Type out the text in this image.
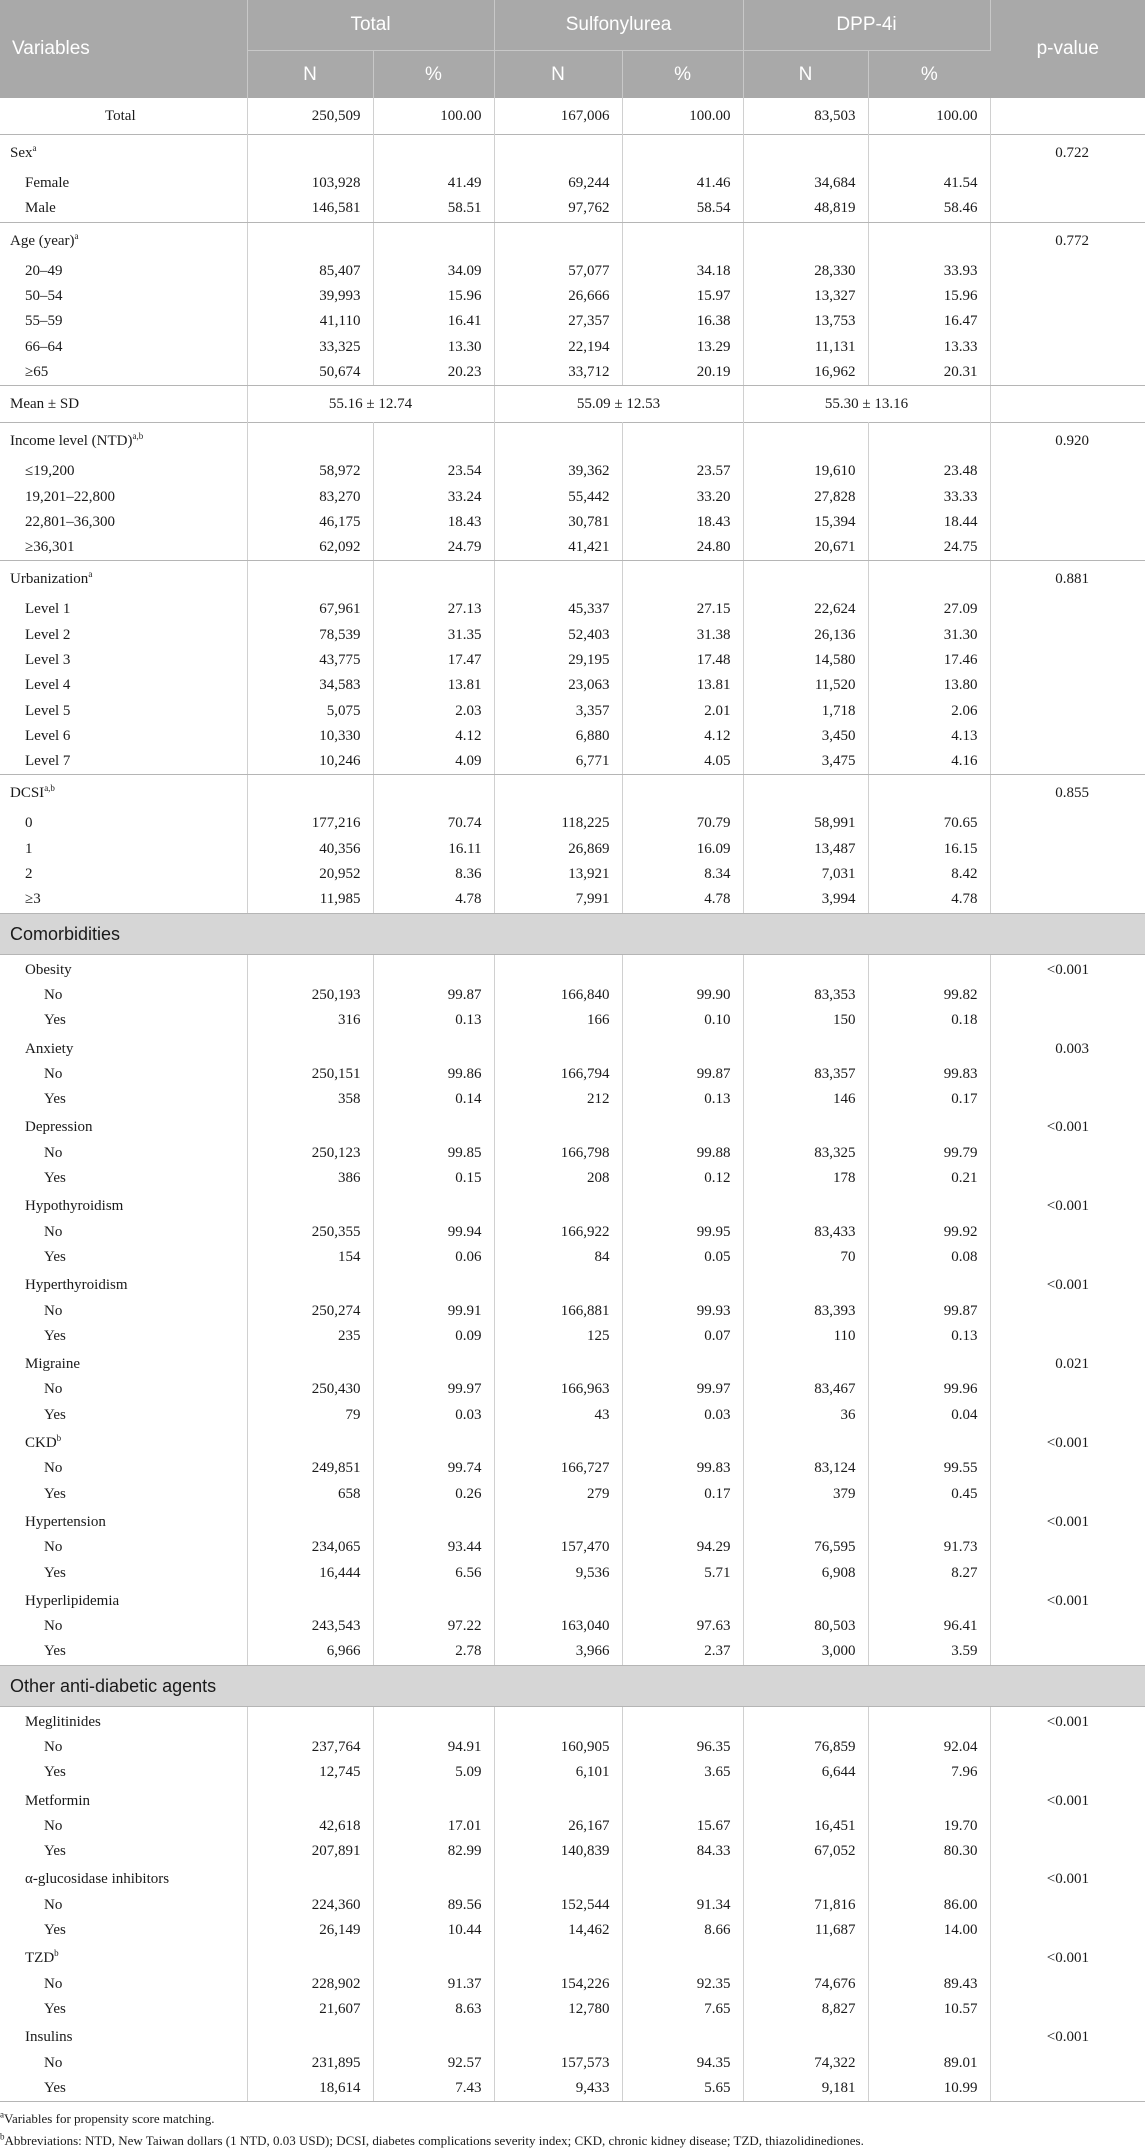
Variables	Total		Sulfonylurea		DPP-4i		p-value
	N	%	N	%	N	%	
Total	250,509	100.00	167,006	100.00	83,503	100.00	
Sex$^a$							0.722
Female	103,928	41.49	69,244	41.46	34,684	41.54	
Male	146,581	58.51	97,762	58.54	48,819	58.46	
Age (year)$^a$							0.772
20–49	85,407	34.09	57,077	34.18	28,330	33.93	
50–54	39,993	15.96	26,666	15.97	13,327	15.96	
55–59	41,110	16.41	27,357	16.38	13,753	16.47	
66–64	33,325	13.30	22,194	13.29	11,131	13.33	
≥65	50,674	20.23	33,712	20.19	16,962	20.31	
Mean ± SD	55.16 ± 12.74		55.09 ± 12.53		55.30 ± 13.16		
Income level (NTD)$^{a,b}$							0.920
≤19,200	58,972	23.54	39,362	23.57	19,610	23.48	
19,201–22,800	83,270	33.24	55,442	33.20	27,828	33.33	
22,801–36,300	46,175	18.43	30,781	18.43	15,394	18.44	
≥36,301	62,092	24.79	41,421	24.80	20,671	24.75	
Urbanization$^a$							0.881
Level 1	67,961	27.13	45,337	27.15	22,624	27.09	
Level 2	78,539	31.35	52,403	31.38	26,136	31.30	
Level 3	43,775	17.47	29,195	17.48	14,580	17.46	
Level 4	34,583	13.81	23,063	13.81	11,520	13.80	
Level 5	5,075	2.03	3,357	2.01	1,718	2.06	
Level 6	10,330	4.12	6,880	4.12	3,450	4.13	
Level 7	10,246	4.09	6,771	4.05	3,475	4.16	
DCSI$^{a,b}$							0.855
0	177,216	70.74	118,225	70.79	58,991	70.65	
1	40,356	16.11	26,869	16.09	13,487	16.15	
2	20,952	8.36	13,921	8.34	7,031	8.42	
≥3	11,985	4.78	7,991	4.78	3,994	4.78	
Comorbidities							
Obesity							<0.001
No	250,193	99.87	166,840	99.90	83,353	99.82	
Yes	316	0.13	166	0.10	150	0.18	
Anxiety							0.003
No	250,151	99.86	166,794	99.87	83,357	99.83	
Yes	358	0.14	212	0.13	146	0.17	
Depression							<0.001
No	250,123	99.85	166,798	99.88	83,325	99.79	
Yes	386	0.15	208	0.12	178	0.21	
Hypothyroidism							<0.001
No	250,355	99.94	166,922	99.95	83,433	99.92	
Yes	154	0.06	84	0.05	70	0.08	
Hyperthyroidism							<0.001
No	250,274	99.91	166,881	99.93	83,393	99.87	
Yes	235	0.09	125	0.07	110	0.13	
Migraine							0.021
No	250,430	99.97	166,963	99.97	83,467	99.96	
Yes	79	0.03	43	0.03	36	0.04	
CKD$^b$							<0.001
No	249,851	99.74	166,727	99.83	83,124	99.55	
Yes	658	0.26	279	0.17	379	0.45	
Hypertension							<0.001
No	234,065	93.44	157,470	94.29	76,595	91.73	
Yes	16,444	6.56	9,536	5.71	6,908	8.27	
Hyperlipidemia							<0.001
No	243,543	97.22	163,040	97.63	80,503	96.41	
Yes	6,966	2.78	3,966	2.37	3,000	3.59	
Other anti-diabetic agents							
Meglitinides							<0.001
No	237,764	94.91	160,905	96.35	76,859	92.04	
Yes	12,745	5.09	6,101	3.65	6,644	7.96	
Metformin							<0.001
No	42,618	17.01	26,167	15.67	16,451	19.70	
Yes	207,891	82.99	140,839	84.33	67,052	80.30	
α-glucosidase inhibitors							<0.001
No	224,360	89.56	152,544	91.34	71,816	86.00	
Yes	26,149	10.44	14,462	8.66	11,687	14.00	
TZD$^b$							<0.001
No	228,902	91.37	154,226	92.35	74,676	89.43	
Yes	21,607	8.63	12,780	7.65	8,827	10.57	
Insulins							<0.001
No	231,895	92.57	157,573	94.35	74,322	89.01	
Yes	18,614	7.43	9,433	5.65	9,181	10.99	
$^a$Variables for propensity score matching.
$^b$Abbreviations: NTD, New Taiwan dollars (1 NTD, 0.03 USD); DCSI, diabetes complications severity index; CKD, chronic kidney disease; TZD, thiazolidinediones.
